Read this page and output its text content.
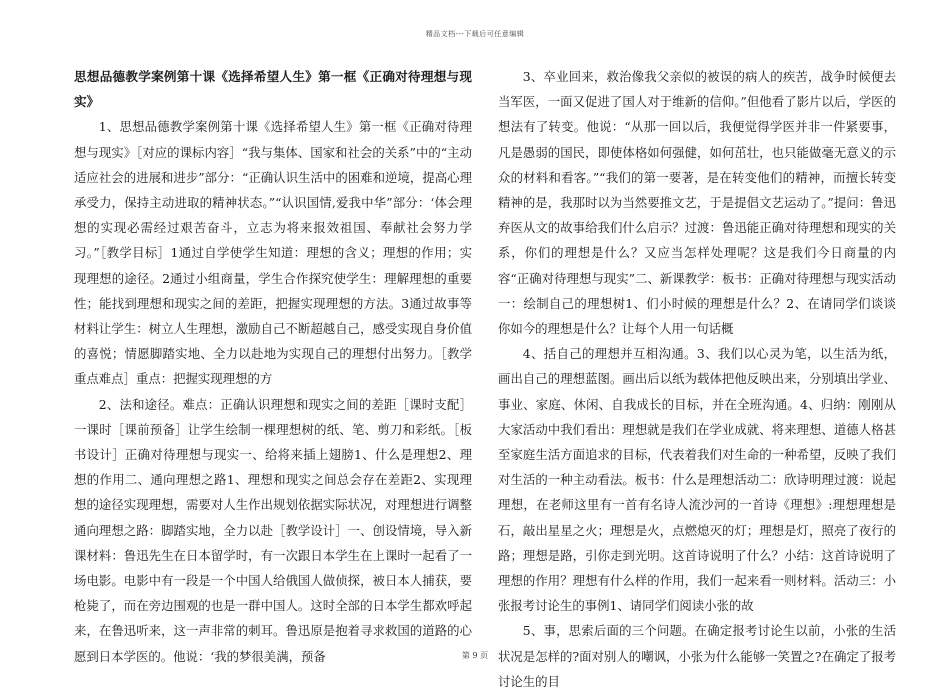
精品文档---下载后可任意编辑

思想品德教学案例第十课《选择希望人生》第一框《正确对待理想与现实》

1、思想品德教学案例第十课《选择希望人生》第一框《正确对待理想与现实》［对应的课标内容］“我与集体、国家和社会的关系”中的“主动适应社会的进展和进步”部分：“正确认识生活中的困难和逆境，提高心理承受力，保持主动进取的精神状态。”“认识国情,爱我中华”部分：‘体会理想的实现必需经过艰苦奋斗，立志为将来报效祖国、奉献社会努力学习。”［教学目标］1通过自学使学生知道：理想的含义；理想的作用；实现理想的途径。2通过小组商量，学生合作探究使学生：理解理想的重要性；能找到理想和现实之间的差距，把握实现理想的方法。3通过故事等材料让学生：树立人生理想，激励自己不断超越自己，感受实现自身价值的喜悦；情愿脚踏实地、全力以赴地为实现自己的理想付出努力。［教学重点难点］重点：把握实现理想的方

2、法和途径。难点：正确认识理想和现实之间的差距［课时支配］一课时［课前预备］让学生绘制一棵理想树的纸、笔、剪刀和彩纸。［板书设计］正确对待理想与现实一、给将来插上翅膀1、什么是理想2、理想的作用二、通向理想之路1、理想和现实之间总会存在差距2、实现理想的途径实现理想，需要对人生作出规划依据实际状况，对理想进行调整通向理想之路：脚踏实地，全力以赴［教学设计］一、创设情境，导入新课材料：鲁迅先生在日本留学时，有一次跟日本学生在上课时一起看了一场电影。电影中有一段是一个中国人给俄国人做侦探，被日本人捕获，要枪毙了，而在旁边围观的也是一群中国人。这时全部的日本学生都欢呼起来，在鲁迅听来，这一声非常的刺耳。鲁迅原是抱着寻求救国的道路的心愿到日本学医的。他说：‘我的梦很美满，预备

3、卒业回来，救治像我父亲似的被误的病人的疾苦，战争时候便去当军医，一面又促进了国人对于维新的信仰。”但他看了影片以后，学医的想法有了转变。他说：“从那一回以后，我便觉得学医并非一件紧要事，凡是愚弱的国民，即使体格如何强健，如何茁壮，也只能做毫无意义的示众的材料和看客。”“我们的第一要著，是在转变他们的精神，而擅长转变精神的是，我那时以为当然要推文艺，于是提倡文艺运动了。”提问：鲁迅弃医从文的故事给我们什么启示？过渡：鲁迅能正确对待理想和现实的关系，你们的理想是什么？又应当怎样处理呢？这是我们今日商量的内容“正确对待理想与现实”二、新课教学：板书：正确对待理想与现实活动一：绘制自己的理想树1、们小时候的理想是什么？2、在请同学们谈谈你如今的理想是什么？让每个人用一句话概

4、括自己的理想并互相沟通。3、我们以心灵为笔，以生活为纸，画出自己的理想蓝图。画出后以纸为载体把他反映出来，分别填出学业、事业、家庭、休闲、自我成长的目标，并在全班沟通。4、归纳：刚刚从大家活动中我们看出：理想就是我们在学业成就、将来理想、道德人格甚至家庭生活方面追求的目标，代表着我们对生命的一种希望，反映了我们对生活的一种主动看法。板书：什么是理想活动二：欣诗明理过渡：说起理想，在老师这里有一首有名诗人流沙河的一首诗《理想》:理想理想是石，敲出星星之火；理想是火，点燃熄灭的灯；理想是灯，照亮了夜行的路；理想是路，引你走到光明。这首诗说明了什么？小结：这首诗说明了理想的作用？理想有什么样的作用，我们一起来看一则材料。活动三：小张报考讨论生的事例1、请同学们阅读小张的故

5、事，思索后面的三个问题。在确定报考讨论生以前，小张的生活状况是怎样的?面对别人的嘲讽，小张为什么能够一笑置之?在确定了报考讨论生的目

第 9 页
